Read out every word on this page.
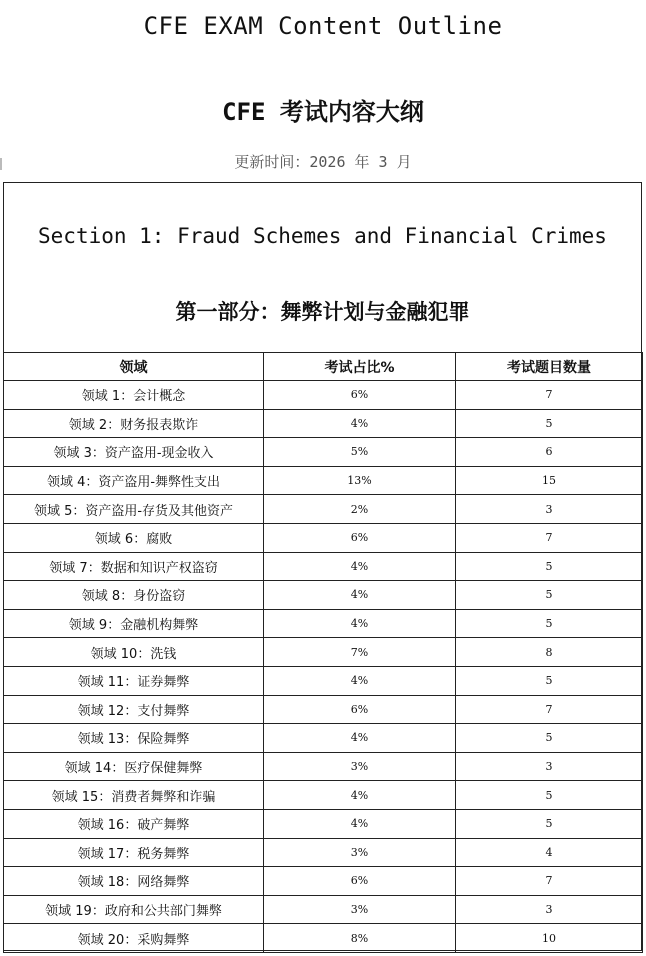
CFE EXAM Content Outline
CFE 考试内容大纲
更新时间：2026 年 3 月
Section 1: Fraud Schemes and Financial Crimes
第一部分：舞弊计划与金融犯罪
领域	考试占比%	考试题目数量
领域 1：会计概念	6%	7
领域 2：财务报表欺诈	4%	5
领域 3：资产盗用-现金收入	5%	6
领域 4：资产盗用-舞弊性支出	13%	15
领域 5：资产盗用-存货及其他资产	2%	3
领域 6：腐败	6%	7
领域 7：数据和知识产权盗窃	4%	5
领域 8：身份盗窃	4%	5
领域 9：金融机构舞弊	4%	5
领域 10：洗钱	7%	8
领域 11：证券舞弊	4%	5
领域 12：支付舞弊	6%	7
领域 13：保险舞弊	4%	5
领域 14：医疗保健舞弊	3%	3
领域 15：消费者舞弊和诈骗	4%	5
领域 16：破产舞弊	4%	5
领域 17：税务舞弊	3%	4
领域 18：网络舞弊	6%	7
领域 19：政府和公共部门舞弊	3%	3
领域 20：采购舞弊	8%	10
